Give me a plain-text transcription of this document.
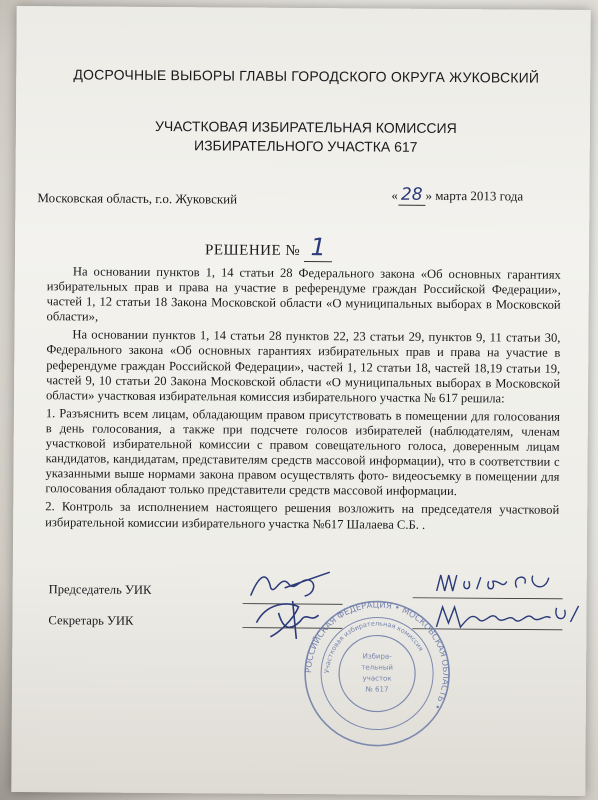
ДОСРОЧНЫЕ ВЫБОРЫ ГЛАВЫ ГОРОДСКОГО ОКРУГА ЖУКОВСКИЙ
УЧАСТКОВАЯ ИЗБИРАТЕЛЬНАЯ КОМИССИЯ
ИЗБИРАТЕЛЬНОГО УЧАСТКА 617
Московская область, г.о. Жуковский	« 28 » марта 2013 года
РЕШЕНИЕ № 1

На основании пунктов 1, 14 статьи 28 Федерального закона «Об основных гарантиях избирательных прав и права на участие в референдуме граждан Российской Федерации», частей 1, 12 статьи 18 Закона Московской области «О муниципальных выборах в Московской области»,

На основании пунктов 1, 14 статьи 28 пунктов 22, 23 статьи 29, пунктов 9, 11 статьи 30, Федерального закона «Об основных гарантиях избирательных прав и права на участие в референдуме граждан Российской Федерации», частей 1, 12 статьи 18, частей 18,19 статьи 19, частей 9, 10 статьи 20 Закона Московской области «О муниципальных выборах в Московской области» участковая избирательная комиссия избирательного участка № 617 решила:

1. Разъяснить всем лицам, обладающим правом присутствовать в помещении для голосования в день голосования, а также при подсчете голосов избирателей (наблюдателям, членам участковой избирательной комиссии с правом совещательного голоса, доверенным лицам кандидатов, кандидатам, представителям средств массовой информации), что в соответствии с указанными выше нормами закона правом осуществлять фото- видеосъемку в помещении для голосования обладают только представители средств массовой информации.

2. Контроль за исполнением настоящего решения возложить на председателя участковой избирательной комиссии избирательного участка №617 Шалаева С.Б. .

Председатель УИК
Секретарь УИК
РОССИЙСКАЯ ФЕДЕРАЦИЯ • МОСКОВСКАЯ ОБЛАСТЬ •
Участковая избирательная комиссия
Избира-
тельный
участок
№ 617
